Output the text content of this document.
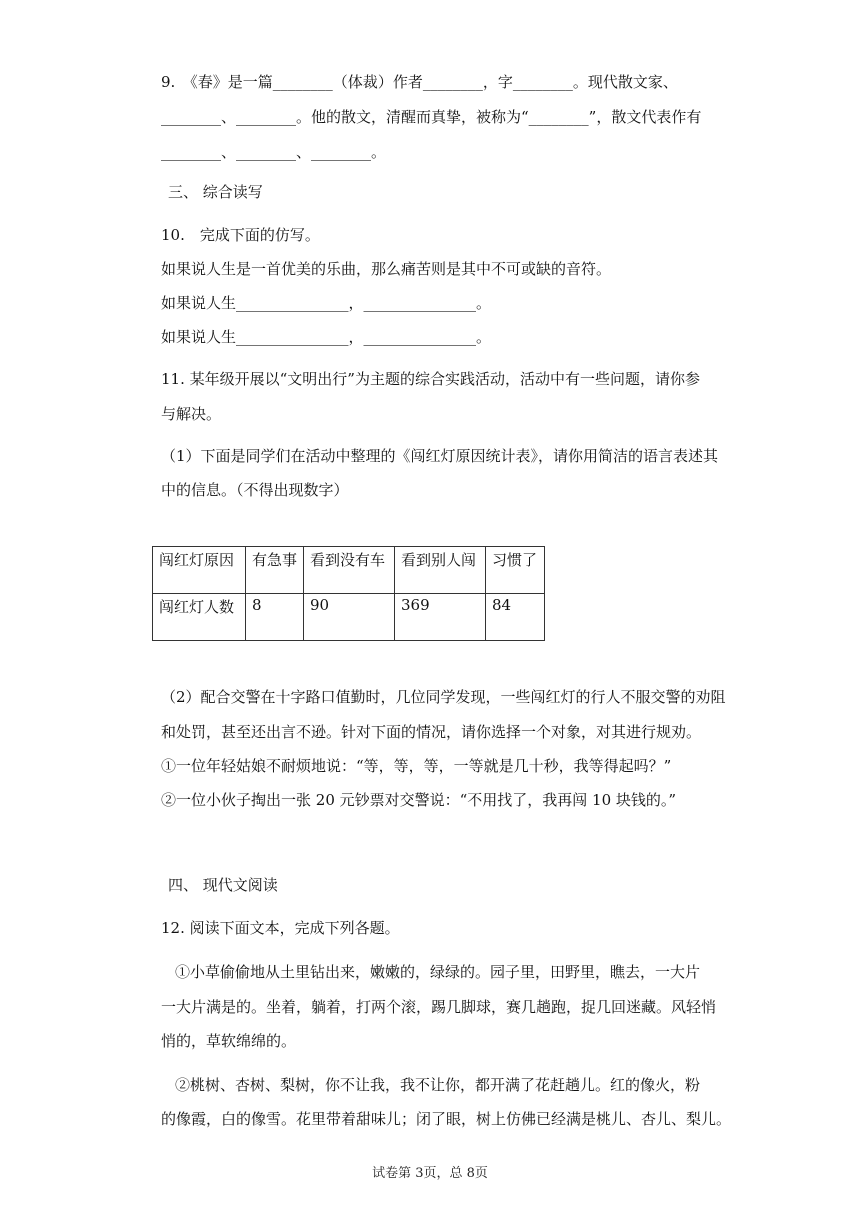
9.　《春》是一篇________（体裁）作者________，字________。现代散文家、
________、________。他的散文，清醒而真挚，被称为“________”，散文代表作有
________、________、________。
三、 综合读写
10.　完成下面的仿写。
如果说人生是一首优美的乐曲，那么痛苦则是其中不可或缺的音符。
如果说人生_______________，_______________。
如果说人生_______________，_______________。
11. 某年级开展以“文明出行”为主题的综合实践活动，活动中有一些问题，请你参
与解决。
（1）下面是同学们在活动中整理的《闯红灯原因统计表》，请你用简洁的语言表述其
中的信息。（不得出现数字）
闯红灯原因	有急事	看到没有车	看到别人闯	习惯了
闯红灯人数	8	90	369	84
（2）配合交警在十字路口值勤时，几位同学发现，一些闯红灯的行人不服交警的劝阻
和处罚，甚至还出言不逊。针对下面的情况，请你选择一个对象，对其进行规劝。
①一位年轻姑娘不耐烦地说：“等，等，等，一等就是几十秒，我等得起吗？”
②一位小伙子掏出一张 20 元钞票对交警说：“不用找了，我再闯 10 块钱的。”
四、 现代文阅读
12. 阅读下面文本，完成下列各题。
①小草偷偷地从土里钻出来，嫩嫩的，绿绿的。园子里，田野里，瞧去，一大片
一大片满是的。坐着，躺着，打两个滚，踢几脚球，赛几趟跑，捉几回迷藏。风轻悄
悄的，草软绵绵的。
②桃树、杏树、梨树，你不让我，我不让你，都开满了花赶趟儿。红的像火，粉
的像霞，白的像雪。花里带着甜味儿；闭了眼，树上仿佛已经满是桃儿、杏儿、梨儿。
试卷第 3页，总 8页
